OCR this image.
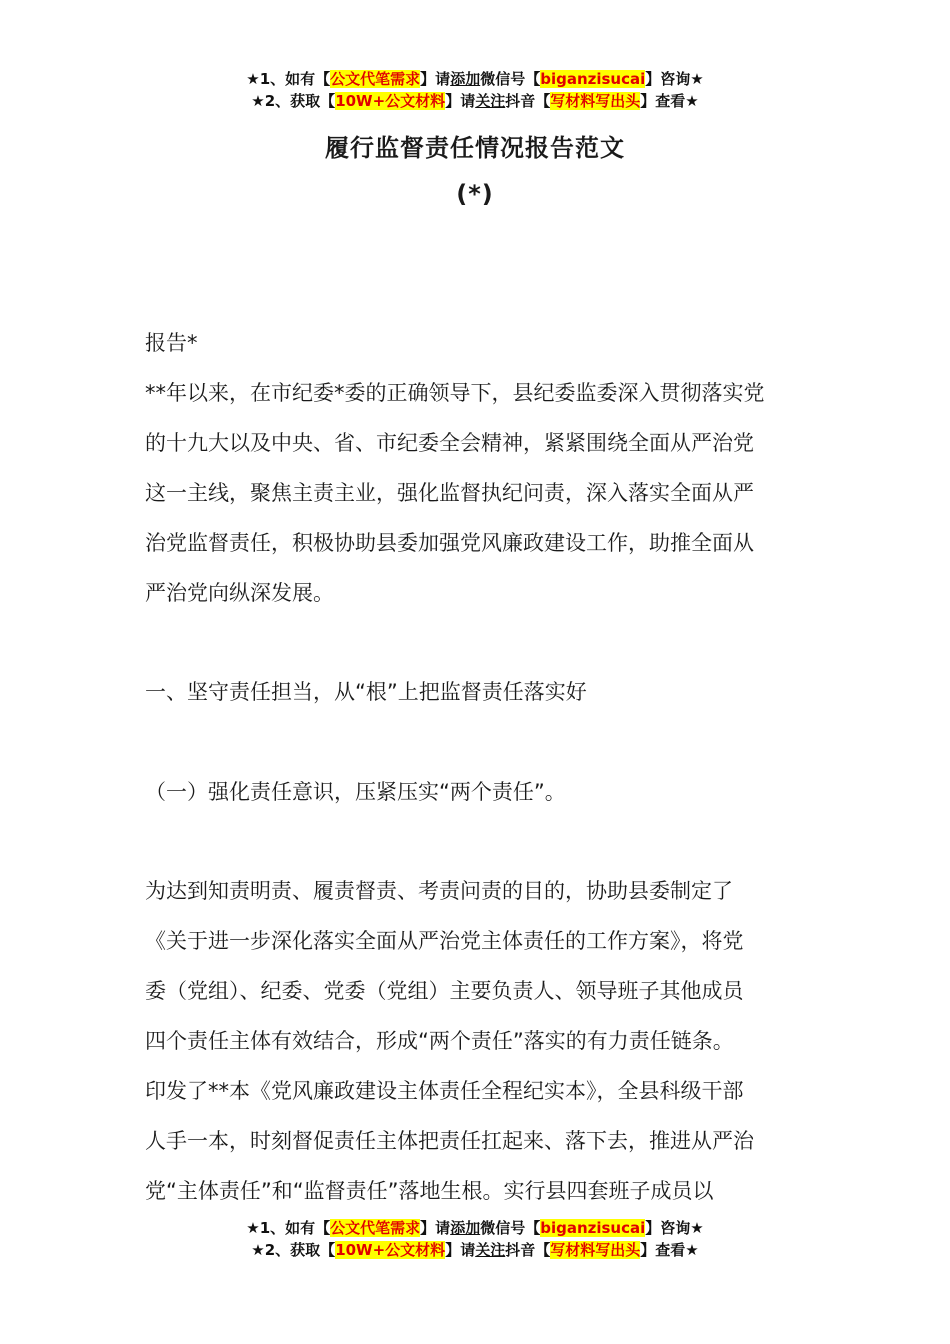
★1、如有【公文代笔需求】请添加微信号【biganzisucai】咨询★
★2、获取【10W+公文材料】请关注抖音【写材料写出头】查看★
履行监督责任情况报告范文
(*)
报告*
**年以来，在市纪委*委的正确领导下，县纪委监委深入贯彻落实党
的十九大以及中央、省、市纪委全会精神，紧紧围绕全面从严治党
这一主线，聚焦主责主业，强化监督执纪问责，深入落实全面从严
治党监督责任，积极协助县委加强党风廉政建设工作，助推全面从
严治党向纵深发展。
一、坚守责任担当，从“根”上把监督责任落实好
（一）强化责任意识，压紧压实“两个责任”。
为达到知责明责、履责督责、考责问责的目的，协助县委制定了
《关于进一步深化落实全面从严治党主体责任的工作方案》，将党
委（党组）、纪委、党委（党组）主要负责人、领导班子其他成员
四个责任主体有效结合，形成“两个责任”落实的有力责任链条。
印发了**本《党风廉政建设主体责任全程纪实本》，全县科级干部
人手一本，时刻督促责任主体把责任扛起来、落下去，推进从严治
党“主体责任”和“监督责任”落地生根。实行县四套班子成员以
★1、如有【公文代笔需求】请添加微信号【biganzisucai】咨询★
★2、获取【10W+公文材料】请关注抖音【写材料写出头】查看★
